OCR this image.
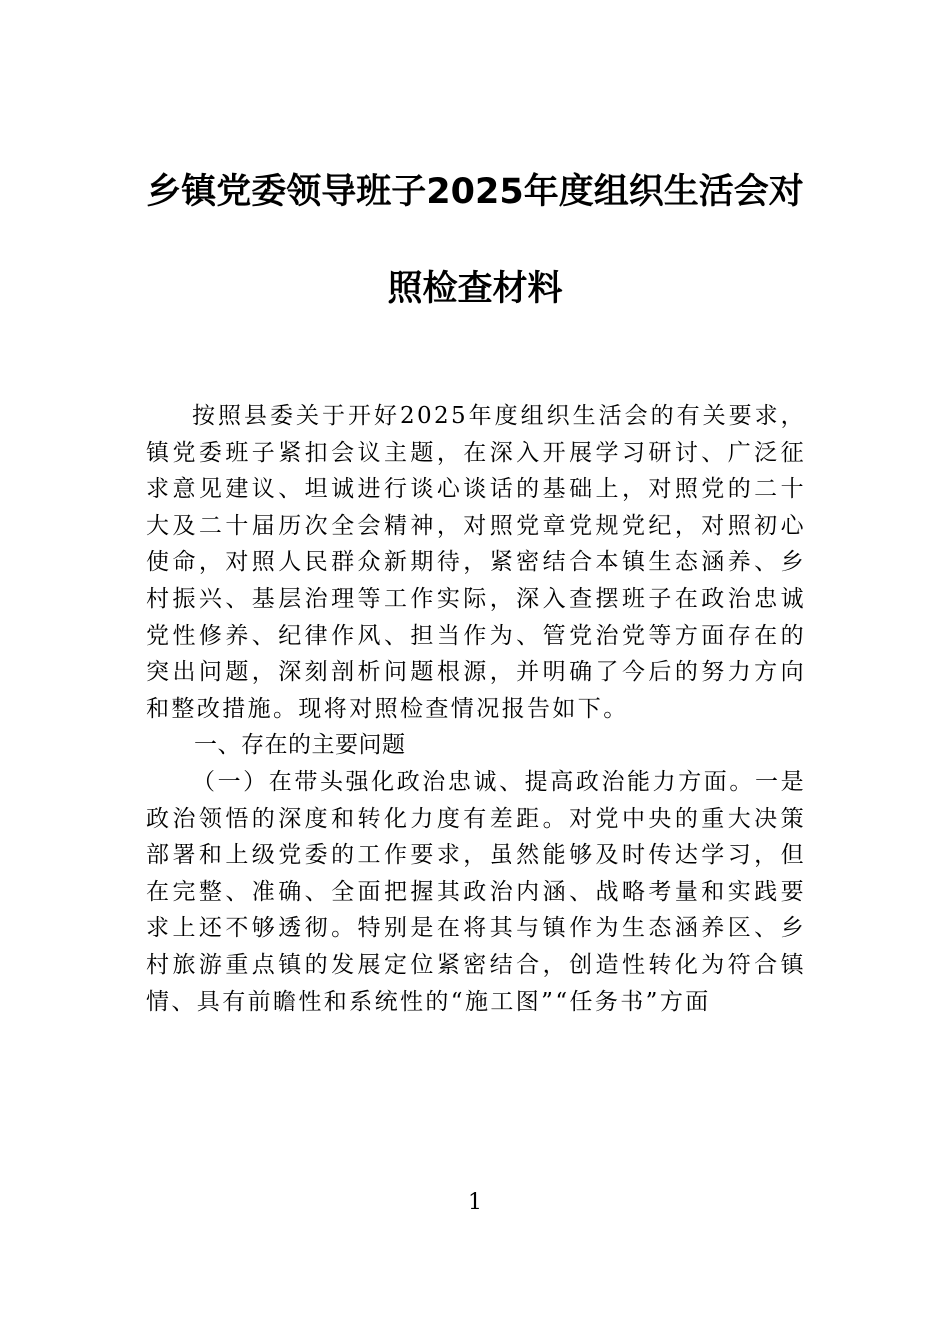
乡镇党委领导班子2025年度组织生活会对
照检查材料

按照县委关于开好2025年度组织生活会的有关要求，镇党委班子紧扣会议主题，在深入开展学习研讨、广泛征求意见建议、坦诚进行谈心谈话的基础上，对照党的二十大及二十届历次全会精神，对照党章党规党纪，对照初心使命，对照人民群众新期待，紧密结合本镇生态涵养、乡村振兴、基层治理等工作实际，深入查摆班子在政治忠诚党性修养、纪律作风、担当作为、管党治党等方面存在的突出问题，深刻剖析问题根源，并明确了今后的努力方向和整改措施。现将对照检查情况报告如下。

一、存在的主要问题

（一）在带头强化政治忠诚、提高政治能力方面。一是政治领悟的深度和转化力度有差距。对党中央的重大决策部署和上级党委的工作要求，虽然能够及时传达学习，但在完整、准确、全面把握其政治内涵、战略考量和实践要求上还不够透彻。特别是在将其与镇作为生态涵养区、乡村旅游重点镇的发展定位紧密结合，创造性转化为符合镇情、具有前瞻性和系统性的“施工图”“任务书”方面

1
